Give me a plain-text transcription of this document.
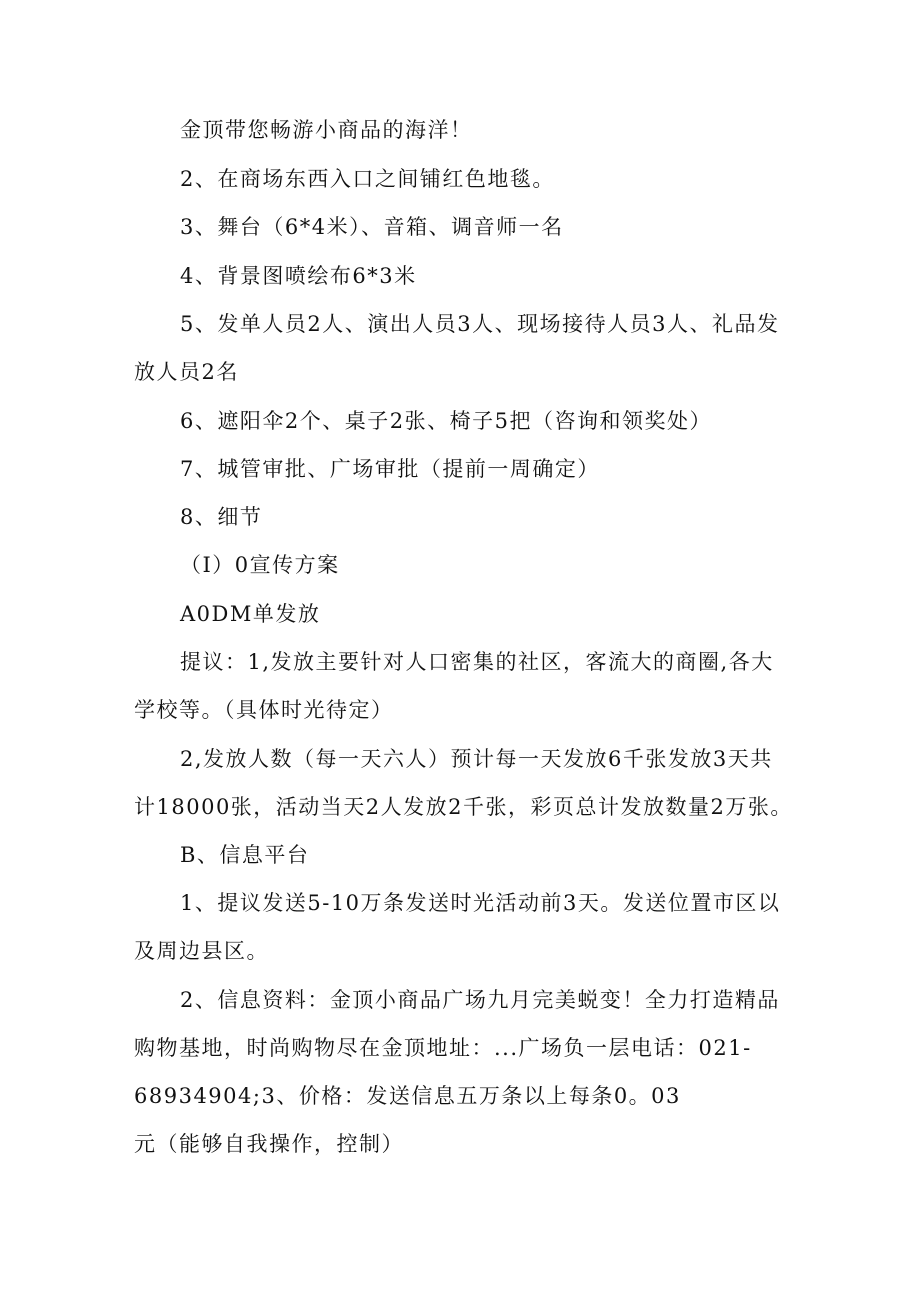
金顶带您畅游小商品的海洋！
2、在商场东西入口之间铺红色地毯。
3、舞台（6*4米）、音箱、调音师一名
4、背景图喷绘布6*3米
5、发单人员2人、演出人员3人、现场接待人员3人、礼品发
放人员2名
6、遮阳伞2个、桌子2张、椅子5把（咨询和领奖处）
7、城管审批、广场审批（提前一周确定）
8、细节
（I）0宣传方案
A0DM单发放
提议：1,发放主要针对人口密集的社区，客流大的商圈,各大
学校等。（具体时光待定）
2,发放人数（每一天六人）预计每一天发放6千张发放3天共
计18000张，活动当天2人发放2千张，彩页总计发放数量2万张。
B、信息平台
1、提议发送5-10万条发送时光活动前3天。发送位置市区以
及周边县区。
2、信息资料：金顶小商品广场九月完美蜕变！全力打造精品
购物基地，时尚购物尽在金顶地址：...广场负一层电话：021-
68934904;3、价格：发送信息五万条以上每条0。03
元（能够自我操作，控制）
